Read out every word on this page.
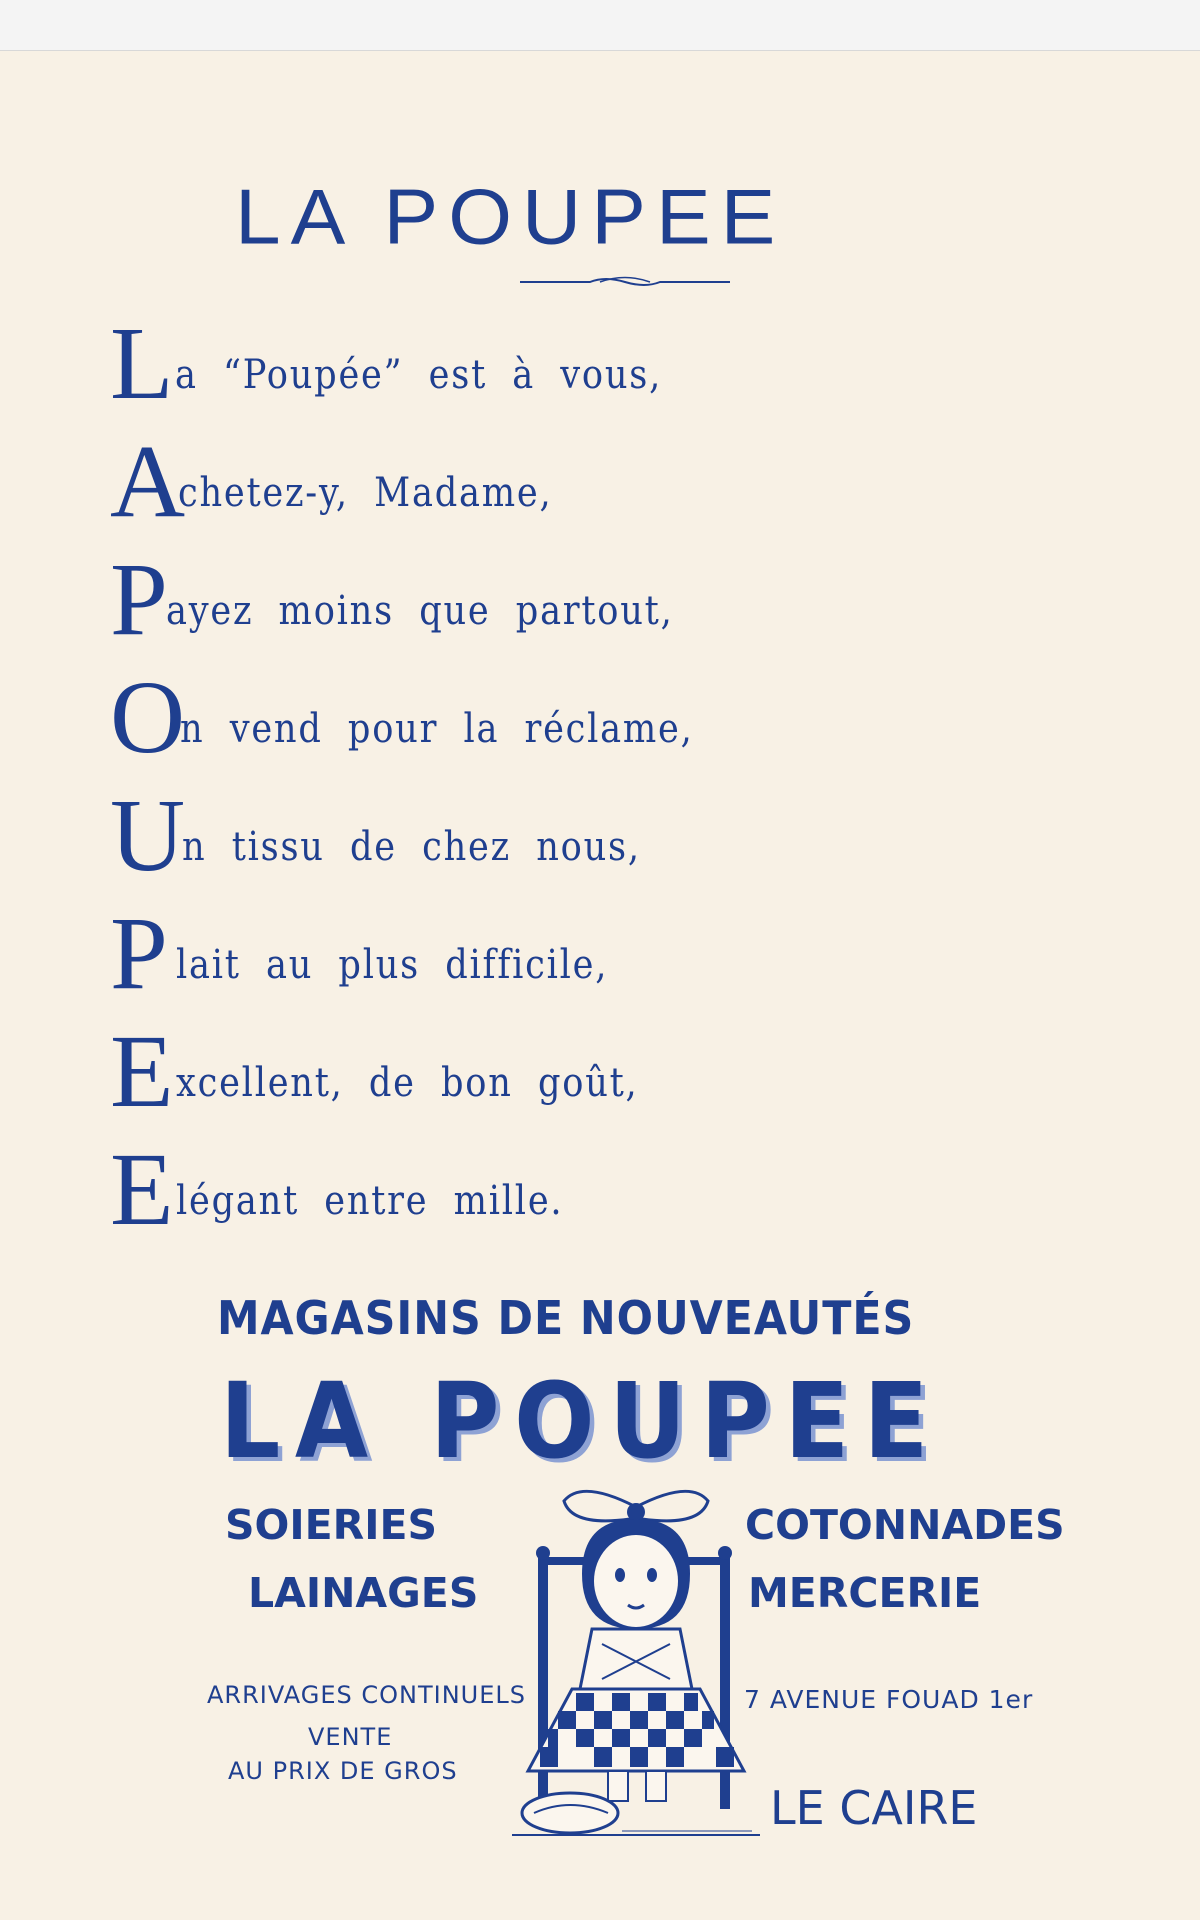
LA POUPEE
L a “Poupée” est à vous,
A
chetez-y, Madame,
P
ayez moins que partout,
O
n vend pour la réclame,
U
n tissu de chez nous,
P lait au plus difficile,
E xcellent, de bon goût,
E légant entre mille.
MAGASINS DE NOUVEAUTÉS
LA POUPEE
SOIERIES
LAINAGES
COTONNADES
MERCERIE
ARRIVAGES CONTINUELS
VENTE
AU PRIX DE GROS
7 AVENUE FOUAD 1er
LE CAIRE
